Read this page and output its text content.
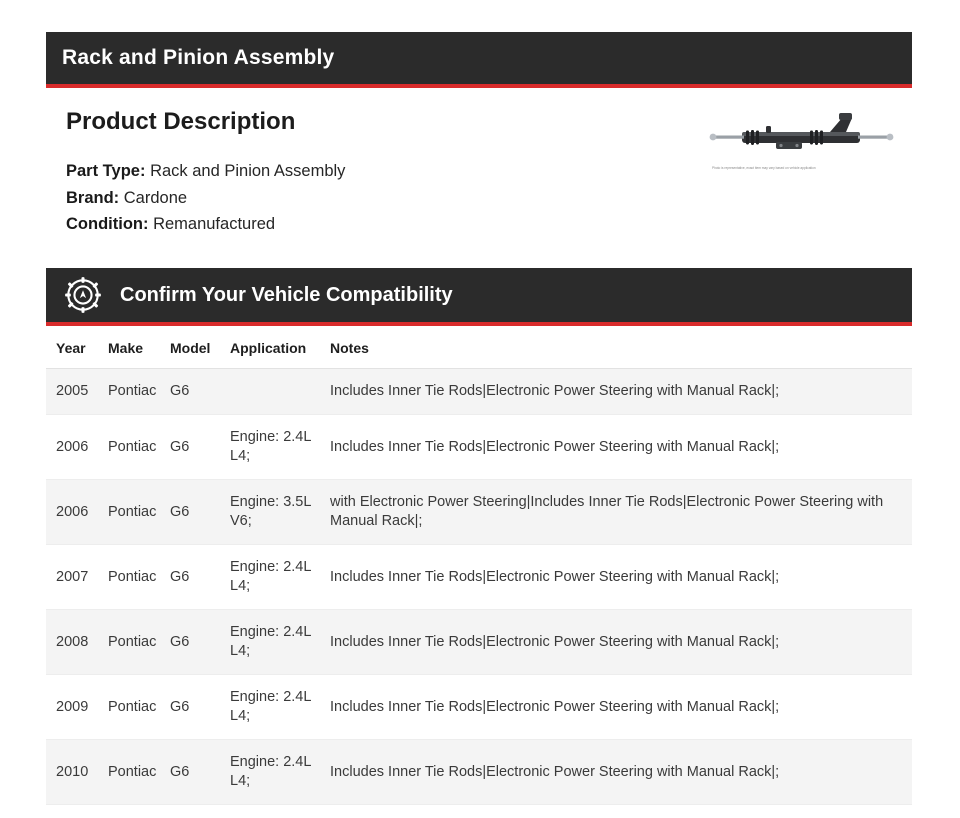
Rack and Pinion Assembly
Product Description

Part Type: Rack and Pinion Assembly

Brand: Cardone

Condition: Remanufactured

Photo is representative, exact item may vary based on vehicle application
Confirm Your Vehicle Compatibility
Year	Make	Model	Application	Notes
2005	Pontiac	G6		Includes Inner Tie Rods|Electronic Power Steering with Manual Rack|;
2006	Pontiac	G6	Engine: 2.4L L4;	Includes Inner Tie Rods|Electronic Power Steering with Manual Rack|;
2006	Pontiac	G6	Engine: 3.5L V6;	with Electronic Power Steering|Includes Inner Tie Rods|Electronic Power Steering with Manual Rack|;
2007	Pontiac	G6	Engine: 2.4L L4;	Includes Inner Tie Rods|Electronic Power Steering with Manual Rack|;
2008	Pontiac	G6	Engine: 2.4L L4;	Includes Inner Tie Rods|Electronic Power Steering with Manual Rack|;
2009	Pontiac	G6	Engine: 2.4L L4;	Includes Inner Tie Rods|Electronic Power Steering with Manual Rack|;
2010	Pontiac	G6	Engine: 2.4L L4;	Includes Inner Tie Rods|Electronic Power Steering with Manual Rack|;
